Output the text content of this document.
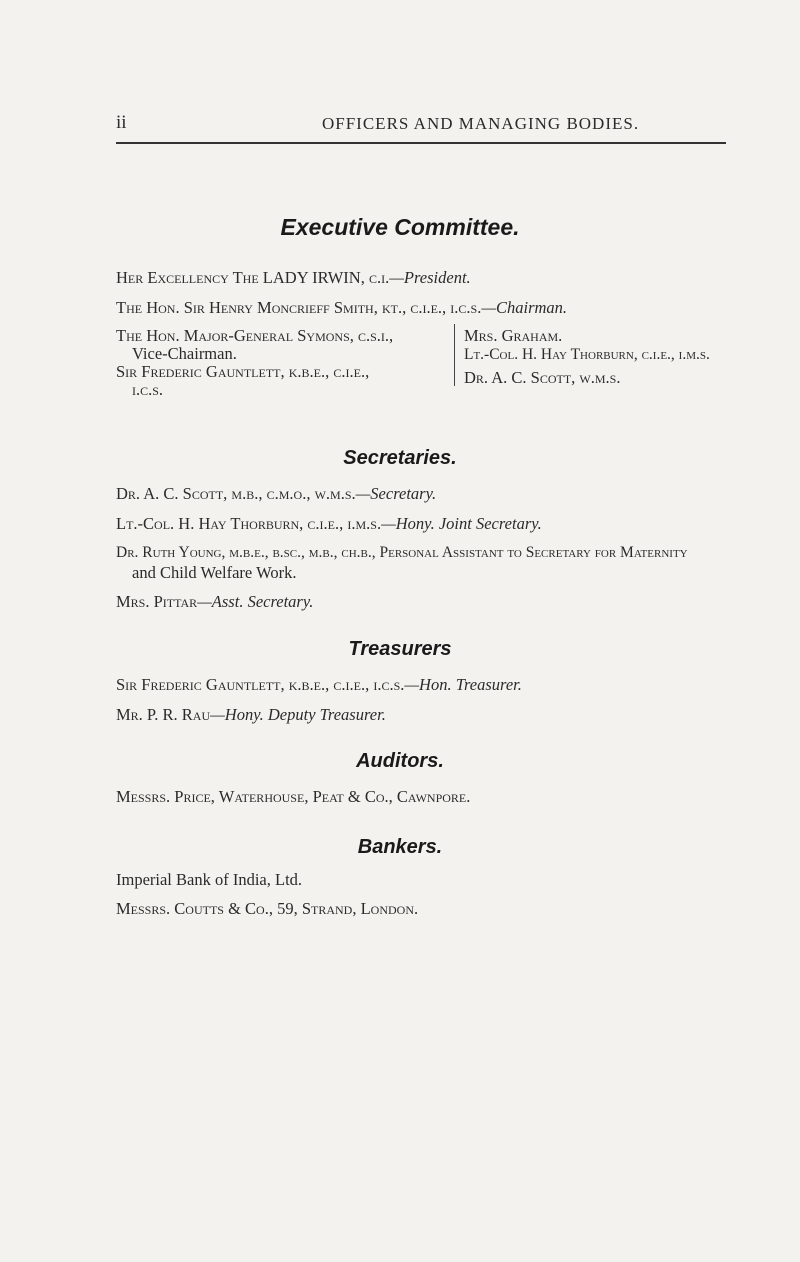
ii	OFFICERS AND MANAGING BODIES.
Executive Committee.
Her Excellency The LADY IRWIN, c.i.—President.
The Hon. Sir Henry Moncrieff Smith, kt., c.i.e., i.c.s.—Chairman.
The Hon. Major-General Symons, c.s.i.,
Vice-Chairman.
Sir Frederic Gauntlett, k.b.e., c.i.e.,
i.c.s.
Mrs. Graham.
Lt.-Col. H. Hay Thorburn, c.i.e., i.m.s.
Dr. A. C. Scott, w.m.s.
Secretaries.
Dr. A. C. Scott, m.b., c.m.o., w.m.s.—Secretary.
Lt.-Col. H. Hay Thorburn, c.i.e., i.m.s.—Hony. Joint Secretary.
Dr. Ruth Young, m.b.e., b.sc., m.b., ch.b., Personal Assistant to Secretary for Maternity
and Child Welfare Work.
Mrs. Pittar—Asst. Secretary.
Treasurers
Sir Frederic Gauntlett, k.b.e., c.i.e., i.c.s.—Hon. Treasurer.
Mr. P. R. Rau—Hony. Deputy Treasurer.
Auditors.
Messrs. Price, Waterhouse, Peat & Co., Cawnpore.
Bankers.
Imperial Bank of India, Ltd.
Messrs. Coutts & Co., 59, Strand, London.
